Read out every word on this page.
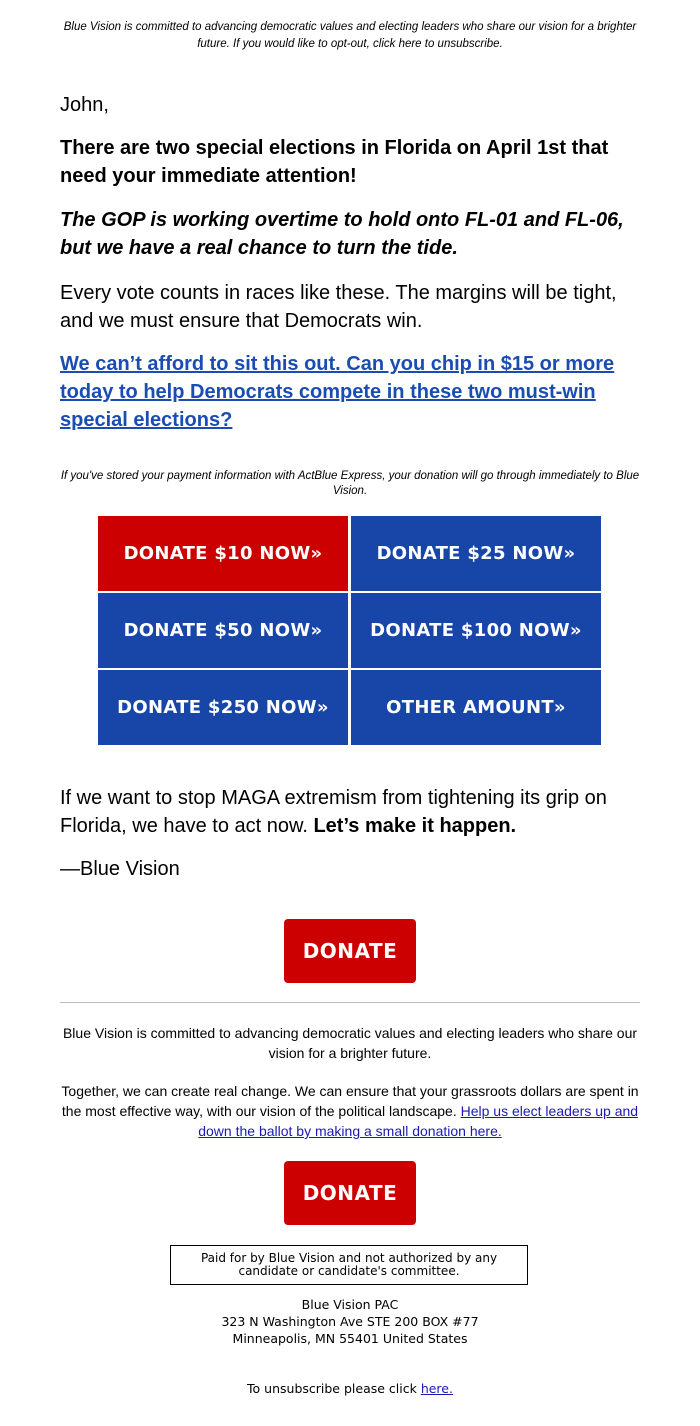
Blue Vision is committed to advancing democratic values and electing leaders who share our vision for a brighter future. If you would like to opt-out, click here to unsubscribe.

John,

There are two special elections in Florida on April 1st that need your immediate attention!

The GOP is working overtime to hold onto FL-01 and FL-06, but we have a real chance to turn the tide.

Every vote counts in races like these. The margins will be tight, and we must ensure that Democrats win.

We can’t afford to sit this out. Can you chip in $15 or more today to help Democrats compete in these two must-win special elections?

If you've stored your payment information with ActBlue Express, your donation will go through immediately to Blue Vision.
DONATE $10 NOW»	DONATE $25 NOW»
DONATE $50 NOW»	DONATE $100 NOW»
DONATE $250 NOW»	OTHER AMOUNT»

If we want to stop MAGA extremism from tightening its grip on Florida, we have to act now. Let’s make it happen.

—Blue Vision

DONATE
Blue Vision is committed to advancing democratic values and electing leaders who share our vision for a brighter future.
Together, we can create real change. We can ensure that your grassroots dollars are spent in the most effective way, with our vision of the political landscape. Help us elect leaders up and down the ballot by making a small donation here.
DONATE
Paid for by Blue Vision and not authorized by any candidate or candidate's committee.
Blue Vision PAC
323 N Washington Ave STE 200 BOX #77
Minneapolis, MN 55401 United States
To unsubscribe please click here.
